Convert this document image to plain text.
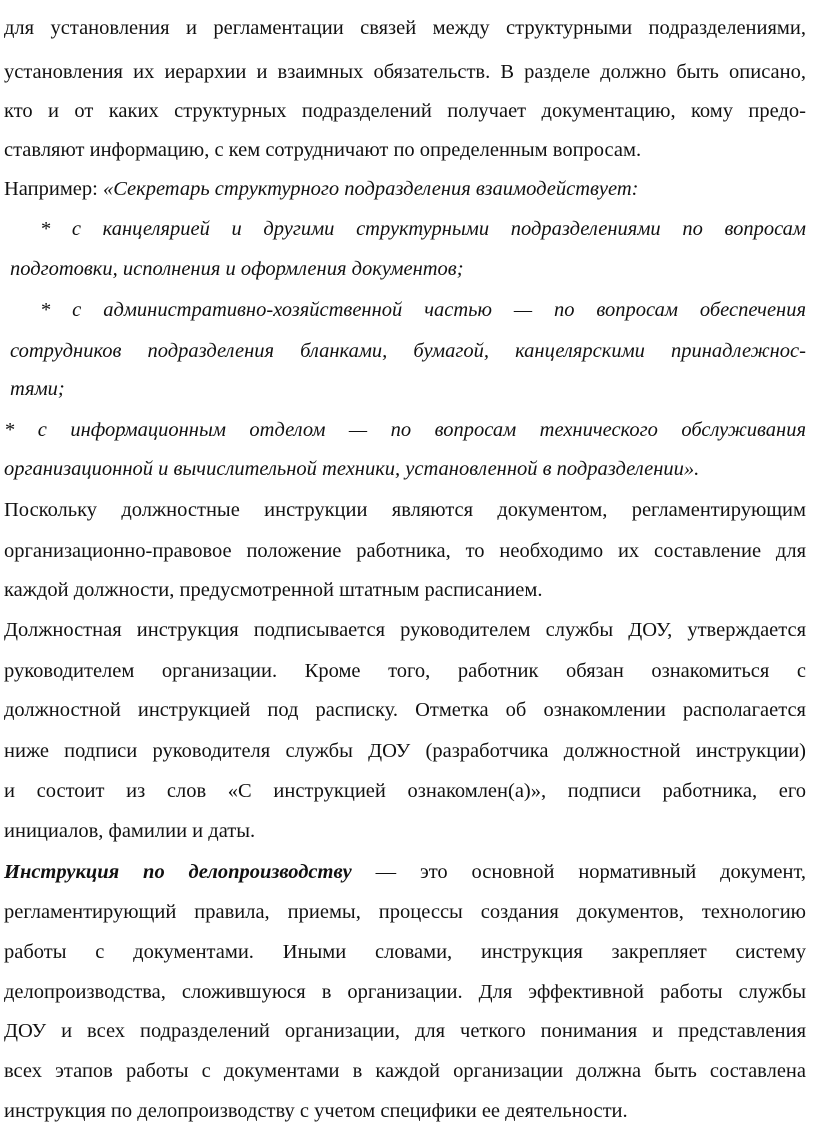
для установления и регламентации связей между структурными подразделениями,
установления их иерархии и взаимных обязательств. В разделе должно быть описано,
кто и от каких структурных подразделений получает документацию, кому предо-
ставляют информацию, с кем сотрудничают по определенным вопросам.
Например: «Секретарь структурного подразделения взаимодействует:
* с канцелярией и другими структурными подразделениями по вопросам
подготовки, исполнения и оформления документов;
* с административно-хозяйственной частью — по вопросам обеспечения
сотрудников подразделения бланками, бумагой, канцелярскими принадлежнос-
тями;
* с информационным отделом — по вопросам технического обслуживания
организационной и вычислительной техники, установленной в подразделении».
Поскольку должностные инструкции являются документом, регламентирующим
организационно-правовое положение работника, то необходимо их составление для
каждой должности, предусмотренной штатным расписанием.
Должностная инструкция подписывается руководителем службы ДОУ, утверждается
руководителем организации. Кроме того, работник обязан ознакомиться с
должностной инструкцией под расписку. Отметка об ознакомлении располагается
ниже подписи руководителя службы ДОУ (разработчика должностной инструкции)
и состоит из слов «С инструкцией ознакомлен(а)», подписи работника, его
инициалов, фамилии и даты.
Инструкция по делопроизводству — это основной нормативный документ,
регламентирующий правила, приемы, процессы создания документов, технологию
работы с документами. Иными словами, инструкция закрепляет систему
делопроизводства, сложившуюся в организации. Для эффективной работы службы
ДОУ и всех подразделений организации, для четкого понимания и представления
всех этапов работы с документами в каждой организации должна быть составлена
инструкция по делопроизводству с учетом специфики ее деятельности.
